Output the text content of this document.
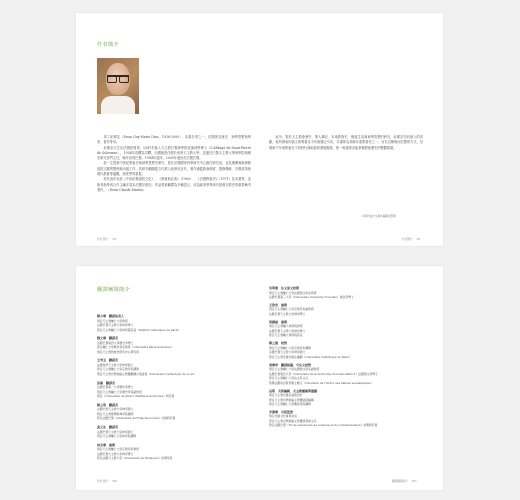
作者簡介

　　馬丁紀耶宏（Dean Guy-Marie Diaz，1928-2000）, 本書作者之一，法國著名歷史、神學思想與學家，著作等身。

　　紀耶宏出生於法國諾曼第，1947年進入天主教巴黎神學院攻讀神學博士（L'Abbaye de Saint-Pierre de Solesmes），1954年晉鐸為司鐸，出國後曾任教於里昂天主教大學，並擔任巴黎天主教大學神學院與歷史研究部門主任，晚年回到巴黎。1994年退休，2000年逝世於法國巴黎。

　　他一生從事中世紀教會史與神學思想史研究，曾在法國國家科學研究中心擔任研究員，也長期參與歐洲修道院文獻的整理與出版工作，其研究範圍從古代教父延伸至近代，著作涵蓋教會制度、靈修傳統、宗教改革與現代教會等議題，深受學界重視。

　　其代表作包括《中世紀修道院文化》、《教會與社會》（1963）、《法國教會史》（1971）及本書等，並與其他學者合作主編多卷本法國宗教史。作品曾被翻譯為多種語言，成為歐美學界研究基督宗教史的重要參考著作。（Dean Claude Martin）

　　此外，對於天主教會歷史、聖人傳記、本地教會史、修道生活與神學思想的研究，紀耶宏均有深入的貢獻，他所發表的論文與專書至今仍被廣泛引用，本書即為其晚年重要著作之一，旨在以簡明而完整的方式，呈現兩千年來教會在不同時代與地區的發展脈絡，使一般讀者亦能掌握教會歷史的整體面貌。

本資料由中文譯本編輯部整理
作者 簡介 VII	作者簡介 VII
翻譯團隊簡介
陳方華　翻譯負責人
現任天主教輔仁大學教授
法國巴黎天主教大學神學博士
曾任天主教輔仁大學神學院院長（Institut Catholique de Paris）
劉文華　翻譯者
法國巴黎第四大學歷史學博士
曾任輔仁大學歷史學系教授（Université Paris-Sorbonne）
現任天主教教會史研究中心研究員
王秀玉　翻譯者
法國里昂天主教大學神學碩士
曾任天主教輔仁大學宗教學系講師
現任天主教台灣地區主教團翻譯小組成員（Université Catholique de Lyon）
張義　翻譯者
法國巴黎第一大學歷史學博士
現任天主教輔仁大學歷史學系副教授
曾任（Université de Paris I Panthéon-Sorbonne）研究員
陳立明　翻譯者
法國巴黎天主教大學神學碩士
現任天主教聖博敏神學院講師
曾任法國巴黎（Université de Franche-Comté）交換研究員
黃文生　翻譯者
法國巴黎天主教大學神學碩士
現任天主教輔仁大學神學院講師
林美華　審閱
現任天主教輔仁大學宗教學系教授
法國巴黎天主教大學神學博士
曾任法國天主教大學（Université de Rennes II）訪問學者
吳明德　法文原文校閱
現任天主教輔仁大學法國語文學系教授
法國巴黎第三大學（Université Sorbonne Nouvelle）語言學博士
王欣容　審閱
現任天主教輔仁大學宗教學系副教授
法國巴黎天主教大學神學博士
胡國楨　審閱
現任天主教輔大神學院教授
法國巴黎天主教大學神學博士
曾任天主教輔大神學院院長
陳立德　校對
現任天主教輔仁大學宗教學系講師
法國巴黎天主教大學神學碩士
曾任天主教光啟出版社編輯（Université Catholique de Paris）
周華珍　翻譯統籌．中法文校對
現任天主教輔仁大學法國語文學系副教授
法國巴黎第四大學（Université de la Sorbonne Nouvelle-Paris 3）法國語文學博士
曾任天主教輔仁大學法文系主任
曾獲法國政府教育騎士勳章（Chevalier de l'Ordre des Palmes académiques）
高敬　美術編輯．天主教圖像與插圖
現任天主教光啟社美術設計
曾任天主教台灣地區主教團美術編輯
曾任天主教輔仁大學藝術學院講師
李德華　出版監督
現任光啟文化事業社長
曾任天主教台灣地區主教團祕書處主任
曾任法國巴黎（École supérieure de sciences et de communication）訪問研究員
作者 簡介 VIII	翻譯團隊簡介 VIII
